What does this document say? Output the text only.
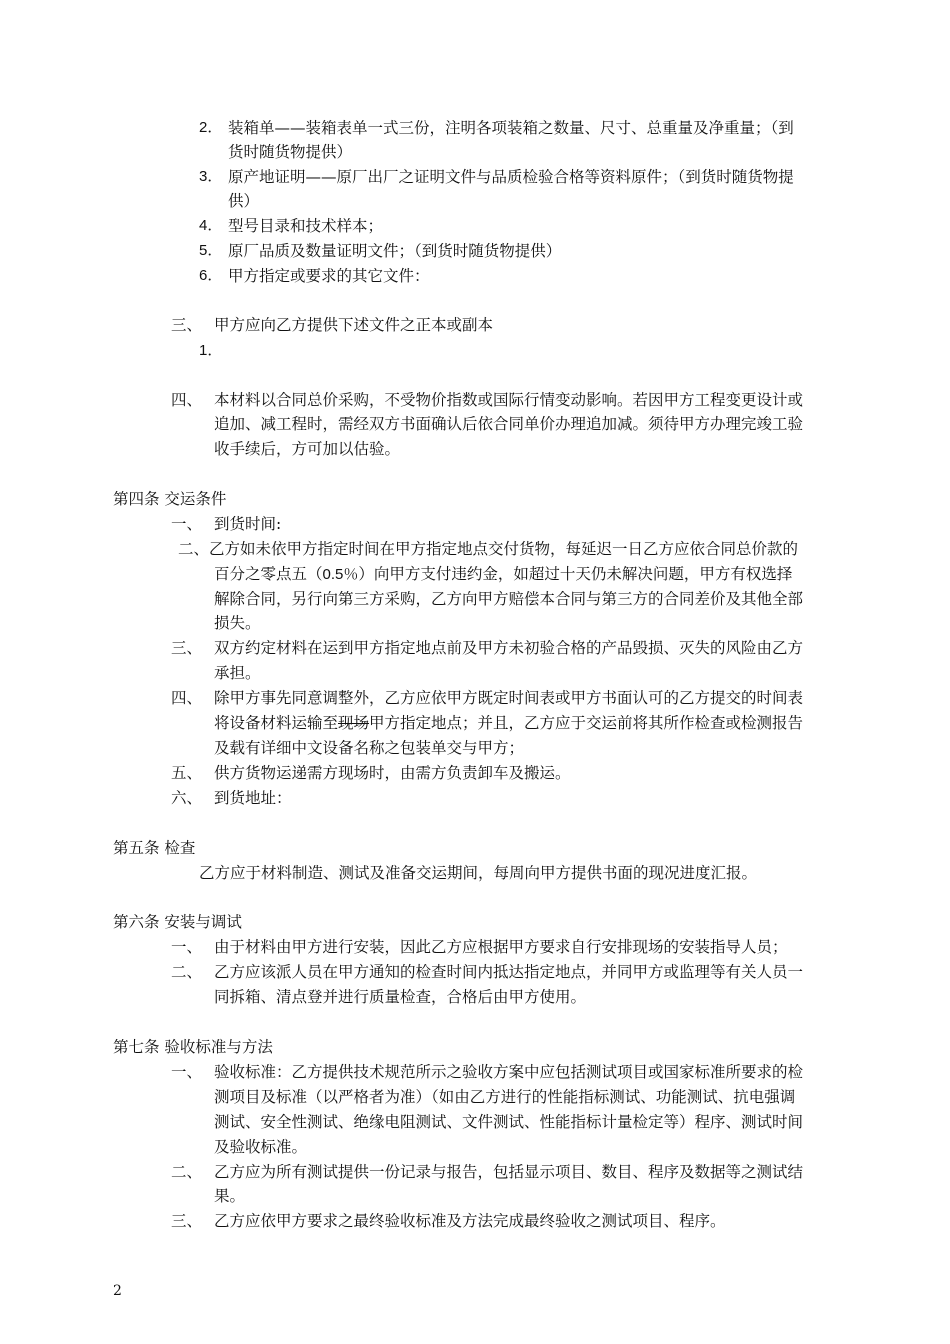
2． 装箱单——装箱表单一式三份，注明各项装箱之数量、尺寸、总重量及净重量；（到
货时随货物提供）
3． 原产地证明——原厂出厂之证明文件与品质检验合格等资料原件；（到货时随货物提
供）
4． 型号目录和技术样本；
5． 原厂品质及数量证明文件；（到货时随货物提供）
6． 甲方指定或要求的其它文件：
三、 甲方应向乙方提供下述文件之正本或副本
1．
四、 本材料以合同总价采购，不受物价指数或国际行情变动影响。若因甲方工程变更设计或
追加、减工程时，需经双方书面确认后依合同单价办理追加减。须待甲方办理完竣工验
收手续后，方可加以估验。
第四条 交运条件
一、 到货时间:
二、乙方如未依甲方指定时间在甲方指定地点交付货物，每延迟一日乙方应依合同总价款的
百分之零点五（0.5％）向甲方支付违约金，如超过十天仍未解决问题，甲方有权选择
解除合同，另行向第三方采购，乙方向甲方赔偿本合同与第三方的合同差价及其他全部
损失。
三、 双方约定材料在运到甲方指定地点前及甲方未初验合格的产品毁损、灭失的风险由乙方
承担。
四、 除甲方事先同意调整外，乙方应依甲方既定时间表或甲方书面认可的乙方提交的时间表
将设备材料运输至现场甲方指定地点；并且，乙方应于交运前将其所作检查或检测报告
及载有详细中文设备名称之包装单交与甲方；
五、 供方货物运递需方现场时，由需方负责卸车及搬运。
六、 到货地址：
第五条 检查
乙方应于材料制造、测试及准备交运期间，每周向甲方提供书面的现况进度汇报。
第六条 安装与调试
一、 由于材料由甲方进行安装，因此乙方应根据甲方要求自行安排现场的安装指导人员；
二、 乙方应该派人员在甲方通知的检查时间内抵达指定地点，并同甲方或监理等有关人员一
同拆箱、清点登并进行质量检查，合格后由甲方使用。
第七条 验收标准与方法
一、 验收标准：乙方提供技术规范所示之验收方案中应包括测试项目或国家标准所要求的检
测项目及标准（以严格者为准）（如由乙方进行的性能指标测试、功能测试、抗电强调
测试、安全性测试、绝缘电阻测试、文件测试、性能指标计量检定等）程序、测试时间
及验收标准。
二、 乙方应为所有测试提供一份记录与报告，包括显示项目、数目、程序及数据等之测试结
果。
三、 乙方应依甲方要求之最终验收标准及方法完成最终验收之测试项目、程序。
2
